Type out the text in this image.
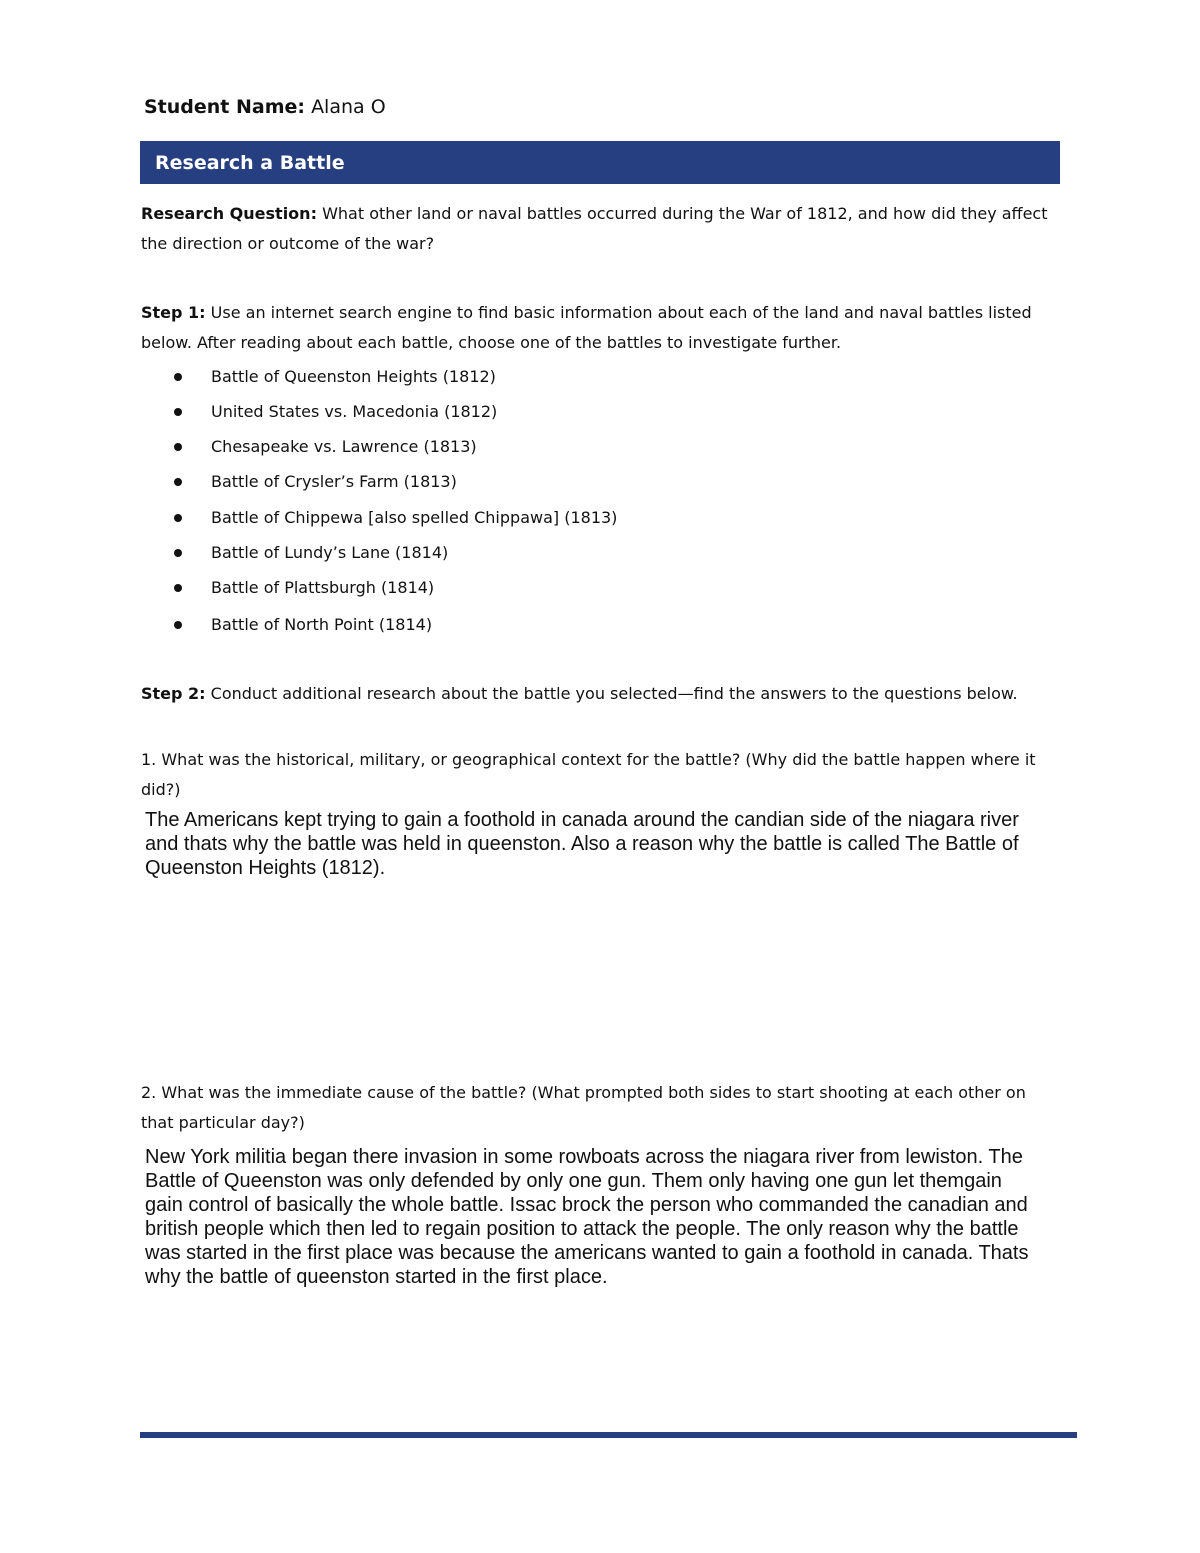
Student Name: Alana O
Research a Battle
Research Question: What other land or naval battles occurred during the War of 1812, and how did they affect the direction or outcome of the war?
Step 1: Use an internet search engine to find basic information about each of the land and naval battles listed below. After reading about each battle, choose one of the battles to investigate further.
Battle of Queenston Heights (1812)
United States vs. Macedonia (1812)
Chesapeake vs. Lawrence (1813)
Battle of Crysler’s Farm (1813)
Battle of Chippewa [also spelled Chippawa] (1813)
Battle of Lundy’s Lane (1814)
Battle of Plattsburgh (1814)
Battle of North Point (1814)
Step 2: Conduct additional research about the battle you selected—find the answers to the questions below.
1. What was the historical, military, or geographical context for the battle? (Why did the battle happen where it did?)
The Americans kept trying to gain a foothold in canada around the candian side of the niagara river and thats why the battle was held in queenston. Also a reason why the battle is called The Battle of Queenston Heights (1812).
2. What was the immediate cause of the battle? (What prompted both sides to start shooting at each other on that particular day?)
New York militia began there invasion in some rowboats across the niagara river from lewiston. The Battle of Queenston was only defended by only one gun. Them only having one gun let themgain gain control of basically the whole battle. Issac brock the person who commanded the canadian and british people which then led to regain position to attack the people. The only reason why the battle was started in the first place was because the americans wanted to gain a foothold in canada. Thats why the battle of queenston started in the first place.
